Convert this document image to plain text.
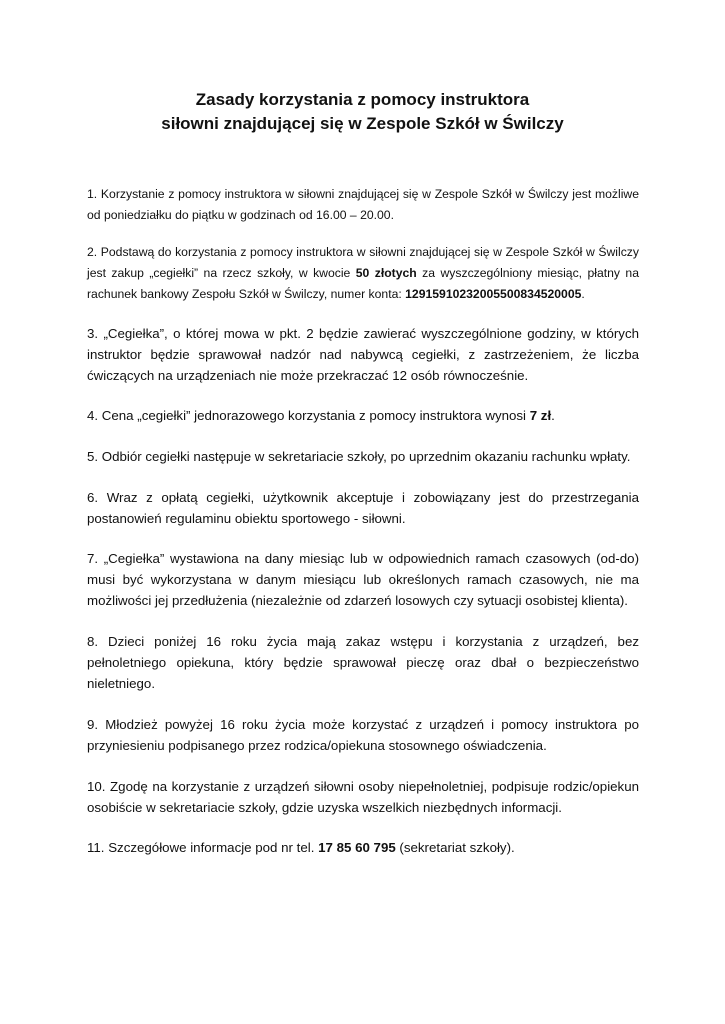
Zasady korzystania z pomocy instruktora
siłowni znajdującej się w Zespole Szkół w Świlczy

1. Korzystanie z pomocy instruktora w siłowni znajdującej się w Zespole Szkół w Świlczy jest możliwe od poniedziałku do piątku w godzinach od 16.00 – 20.00.

2. Podstawą do korzystania z pomocy instruktora w siłowni znajdującej się w Zespole Szkół w Świlczy jest zakup „cegiełki” na rzecz szkoły, w kwocie 50 złotych za wyszczególniony miesiąc, płatny na rachunek bankowy Zespołu Szkół w Świlczy, numer konta: 12915910232005500834520005.

3. „Cegiełka”, o której mowa w pkt. 2 będzie zawierać wyszczególnione godziny, w których instruktor będzie sprawował nadzór nad nabywcą cegiełki, z zastrzeżeniem, że liczba ćwiczących na urządzeniach nie może przekraczać 12 osób równocześnie.

4. Cena „cegiełki” jednorazowego korzystania z pomocy instruktora wynosi 7 zł.

5. Odbiór cegiełki następuje w sekretariacie szkoły, po uprzednim okazaniu rachunku wpłaty.

6. Wraz z opłatą cegiełki, użytkownik akceptuje i zobowiązany jest do przestrzegania postanowień regulaminu obiektu sportowego - siłowni.

7. „Cegiełka” wystawiona na dany miesiąc lub w odpowiednich ramach czasowych (od-do) musi być wykorzystana w danym miesiącu lub określonych ramach czasowych, nie ma możliwości jej przedłużenia (niezależnie od zdarzeń losowych czy sytuacji osobistej klienta).

8. Dzieci poniżej 16 roku życia mają zakaz wstępu i korzystania z urządzeń, bez pełnoletniego opiekuna, który będzie sprawował pieczę oraz dbał o bezpieczeństwo nieletniego.

9. Młodzież powyżej 16 roku życia może korzystać z urządzeń i pomocy instruktora po przyniesieniu podpisanego przez rodzica/opiekuna stosownego oświadczenia.

10. Zgodę na korzystanie z urządzeń siłowni osoby niepełnoletniej, podpisuje rodzic/opiekun osobiście w sekretariacie szkoły, gdzie uzyska wszelkich niezbędnych informacji.

11. Szczegółowe informacje pod nr tel. 17 85 60 795 (sekretariat szkoły).
